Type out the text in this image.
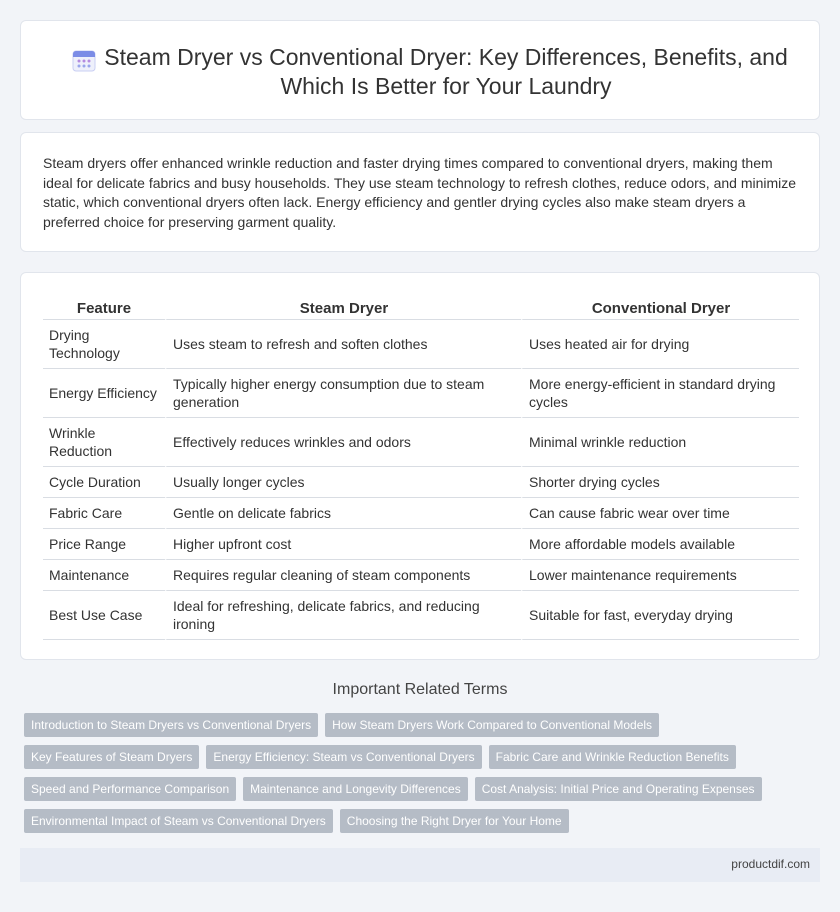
Steam Dryer vs Conventional Dryer: Key Differences, Benefits, and Which Is Better for Your Laundry

Steam dryers offer enhanced wrinkle reduction and faster drying times compared to conventional dryers, making them ideal for delicate fabrics and busy households. They use steam technology to refresh clothes, reduce odors, and minimize static, which conventional dryers often lack. Energy efficiency and gentler drying cycles also make steam dryers a preferred choice for preserving garment quality.

Feature	Steam Dryer	Conventional Dryer
Drying Technology	Uses steam to refresh and soften clothes	Uses heated air for drying
Energy Efficiency	Typically higher energy consumption due to steam generation	More energy-efficient in standard drying cycles
Wrinkle Reduction	Effectively reduces wrinkles and odors	Minimal wrinkle reduction
Cycle Duration	Usually longer cycles	Shorter drying cycles
Fabric Care	Gentle on delicate fabrics	Can cause fabric wear over time
Price Range	Higher upfront cost	More affordable models available
Maintenance	Requires regular cleaning of steam components	Lower maintenance requirements
Best Use Case	Ideal for refreshing, delicate fabrics, and reducing ironing	Suitable for fast, everyday drying
Important Related Terms
Introduction to Steam Dryers vs Conventional Dryers	How Steam Dryers Work Compared to Conventional Models
Key Features of Steam Dryers	Energy Efficiency: Steam vs Conventional Dryers	Fabric Care and Wrinkle Reduction Benefits
Speed and Performance Comparison	Maintenance and Longevity Differences	Cost Analysis: Initial Price and Operating Expenses
Environmental Impact of Steam vs Conventional Dryers	Choosing the Right Dryer for Your Home
productdif.com
